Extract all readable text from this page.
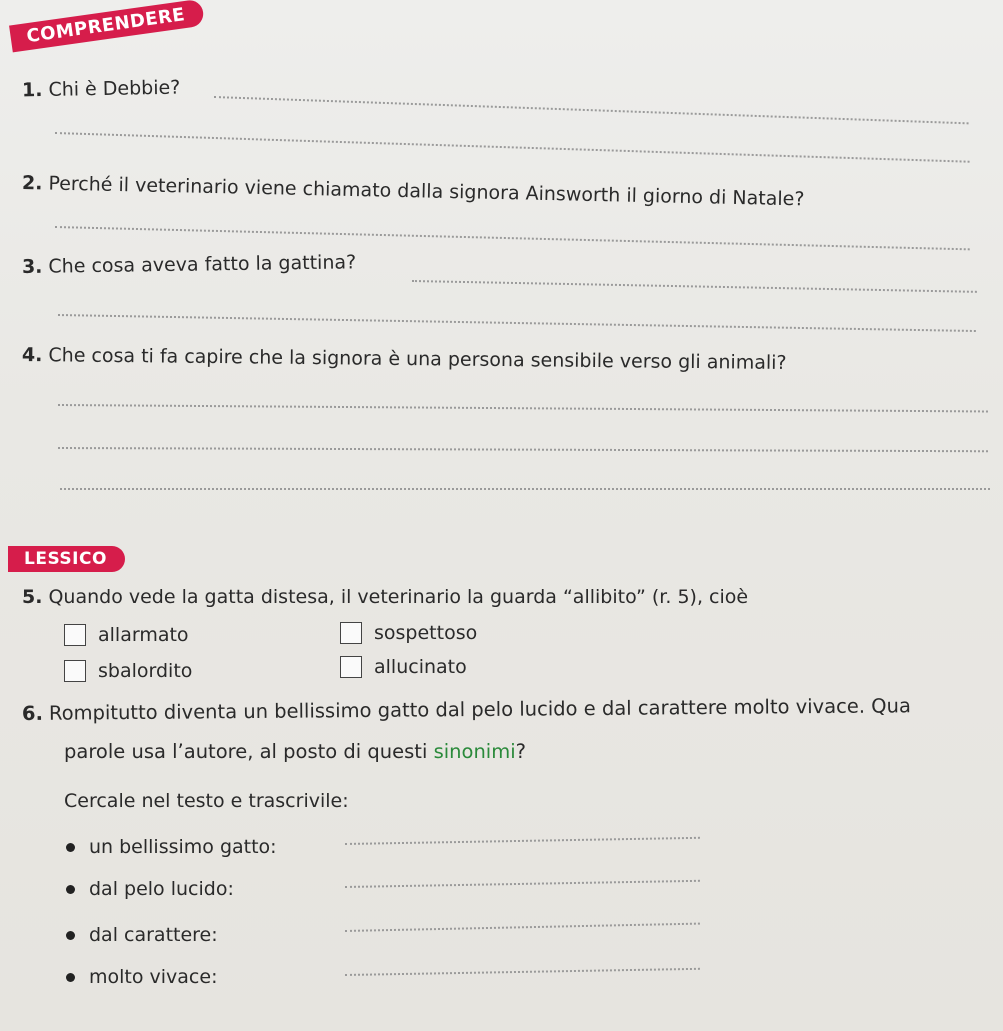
COMPRENDERE
1. Chi è Debbie?
2. Perché il veterinario viene chiamato dalla signora Ainsworth il giorno di Natale?
3. Che cosa aveva fatto la gattina?
4. Che cosa ti fa capire che la signora è una persona sensibile verso gli animali?
LESSICO
5. Quando vede la gatta distesa, il veterinario la guarda “allibito” (r. 5), cioè
allarmato	sospettoso
sbalordito	allucinato
6. Rompitutto diventa un bellissimo gatto dal pelo lucido e dal carattere molto vivace. Qua
parole usa l’autore, al posto di questi sinonimi?
Cercale nel testo e trascrivile:
un bellissimo gatto:
dal pelo lucido:
dal carattere:
molto vivace:
